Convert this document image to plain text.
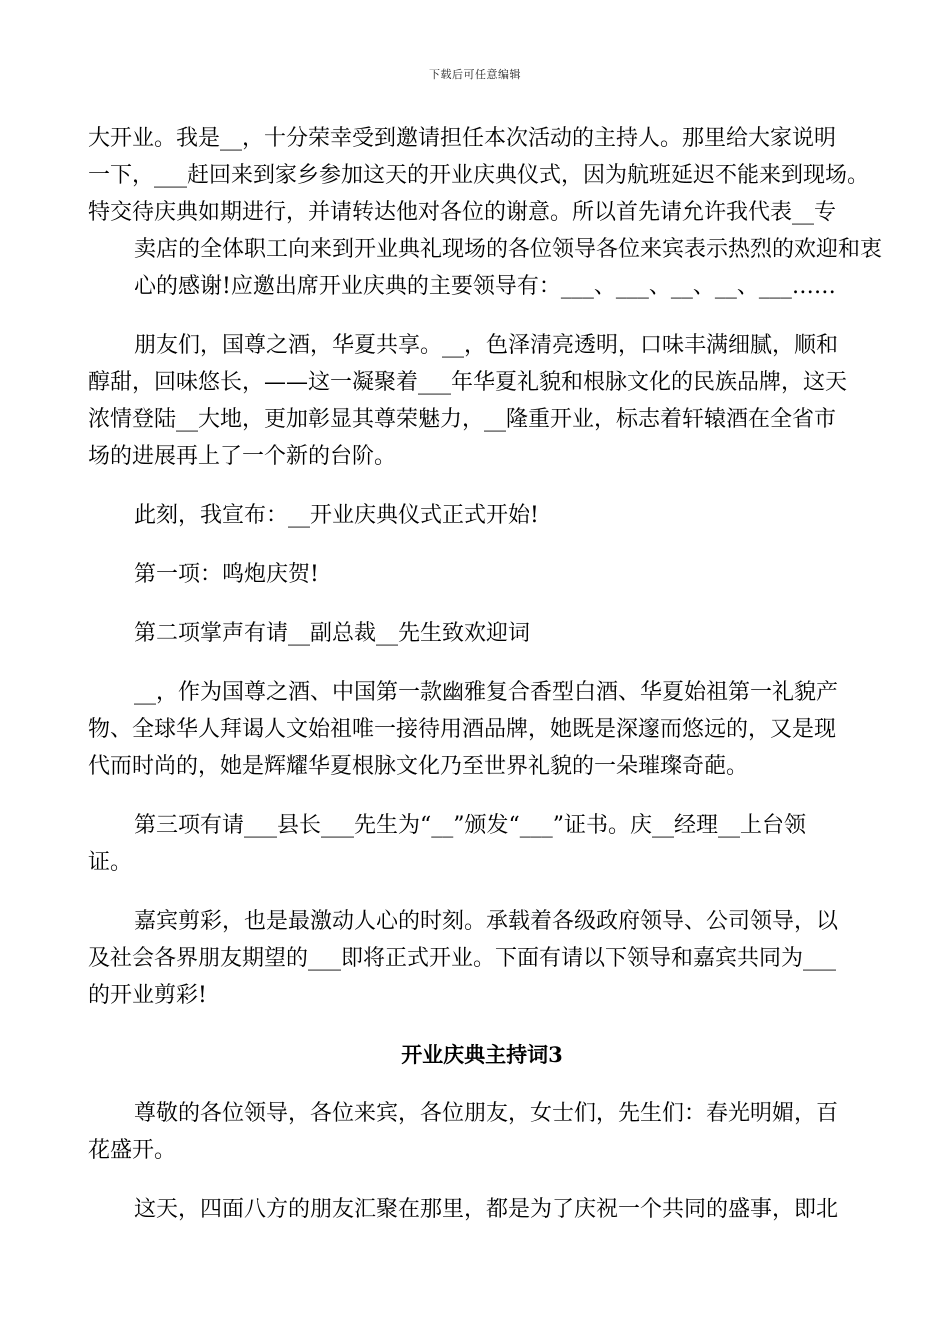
下载后可任意编辑
大开业。我是__，十分荣幸受到邀请担任本次活动的主持人。那里给大家说明
一下，___赶回来到家乡参加这天的开业庆典仪式，因为航班延迟不能来到现场。
特交待庆典如期进行，并请转达他对各位的谢意。所以首先请允许我代表__专
卖店的全体职工向来到开业典礼现场的各位领导各位来宾表示热烈的欢迎和衷
心的感谢!应邀出席开业庆典的主要领导有：___、___、__、__、___……
朋友们，国尊之酒，华夏共享。__，色泽清亮透明，口味丰满细腻，顺和
醇甜，回味悠长，——这一凝聚着___年华夏礼貌和根脉文化的民族品牌，这天
浓情登陆__大地，更加彰显其尊荣魅力，__隆重开业，标志着轩辕酒在全省市
场的进展再上了一个新的台阶。
此刻，我宣布：__开业庆典仪式正式开始!
第一项：鸣炮庆贺!
第二项掌声有请__副总裁__先生致欢迎词
__，作为国尊之酒、中国第一款幽雅复合香型白酒、华夏始祖第一礼貌产
物、全球华人拜谒人文始祖唯一接待用酒品牌，她既是深邃而悠远的，又是现
代而时尚的，她是辉耀华夏根脉文化乃至世界礼貌的一朵璀璨奇葩。
第三项有请___县长___先生为“__”颁发“___”证书。庆__经理__上台领
证。
嘉宾剪彩，也是最激动人心的时刻。承载着各级政府领导、公司领导，以
及社会各界朋友期望的___即将正式开业。下面有请以下领导和嘉宾共同为___
的开业剪彩!
开业庆典主持词3
尊敬的各位领导，各位来宾，各位朋友，女士们，先生们：春光明媚，百
花盛开。
这天，四面八方的朋友汇聚在那里，都是为了庆祝一个共同的盛事，即北
